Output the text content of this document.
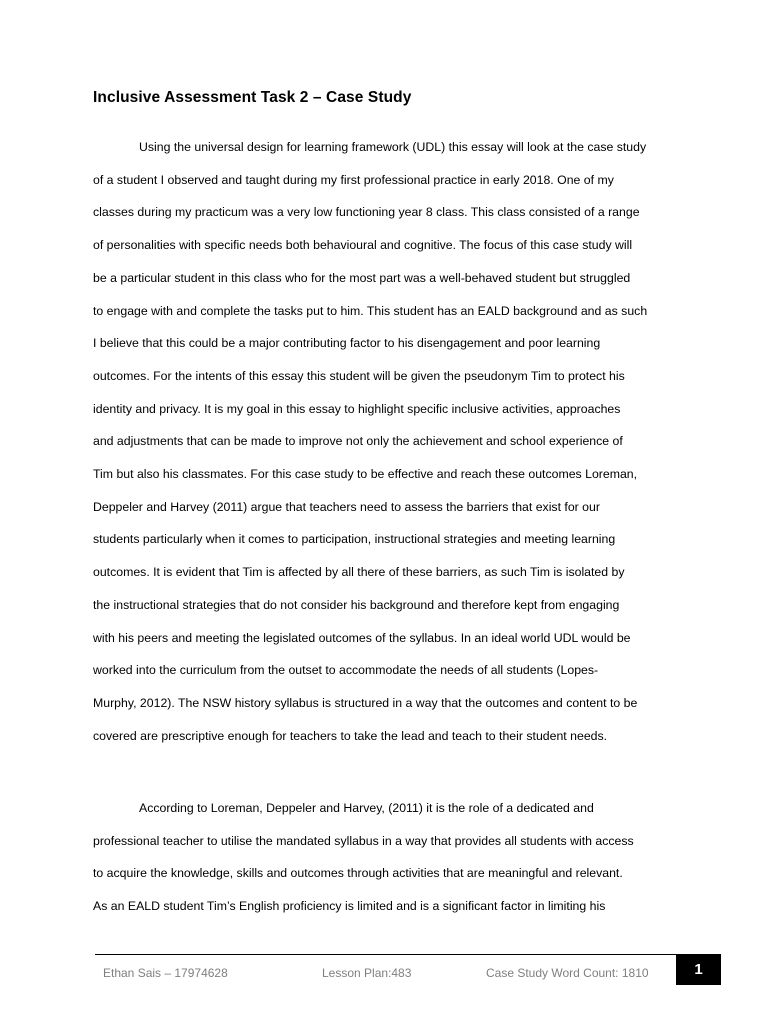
Inclusive Assessment Task 2 – Case Study
Using the universal design for learning framework (UDL) this essay will look at the case study
of a student I observed and taught during my first professional practice in early 2018. One of my
classes during my practicum was a very low functioning year 8 class. This class consisted of a range
of personalities with specific needs both behavioural and cognitive. The focus of this case study will
be a particular student in this class who for the most part was a well-behaved student but struggled
to engage with and complete the tasks put to him. This student has an EALD background and as such
I believe that this could be a major contributing factor to his disengagement and poor learning
outcomes. For the intents of this essay this student will be given the pseudonym Tim to protect his
identity and privacy. It is my goal in this essay to highlight specific inclusive activities, approaches
and adjustments that can be made to improve not only the achievement and school experience of
Tim but also his classmates. For this case study to be effective and reach these outcomes Loreman,
Deppeler and Harvey (2011) argue that teachers need to assess the barriers that exist for our
students particularly when it comes to participation, instructional strategies and meeting learning
outcomes. It is evident that Tim is affected by all there of these barriers, as such Tim is isolated by
the instructional strategies that do not consider his background and therefore kept from engaging
with his peers and meeting the legislated outcomes of the syllabus. In an ideal world UDL would be
worked into the curriculum from the outset to accommodate the needs of all students (Lopes-
Murphy, 2012). The NSW history syllabus is structured in a way that the outcomes and content to be
covered are prescriptive enough for teachers to take the lead and teach to their student needs.
According to Loreman, Deppeler and Harvey, (2011) it is the role of a dedicated and
professional teacher to utilise the mandated syllabus in a way that provides all students with access
to acquire the knowledge, skills and outcomes through activities that are meaningful and relevant.
As an EALD student Tim’s English proficiency is limited and is a significant factor in limiting his
Ethan Sais – 17974628	Lesson Plan:483	Case Study Word Count: 1810	1
